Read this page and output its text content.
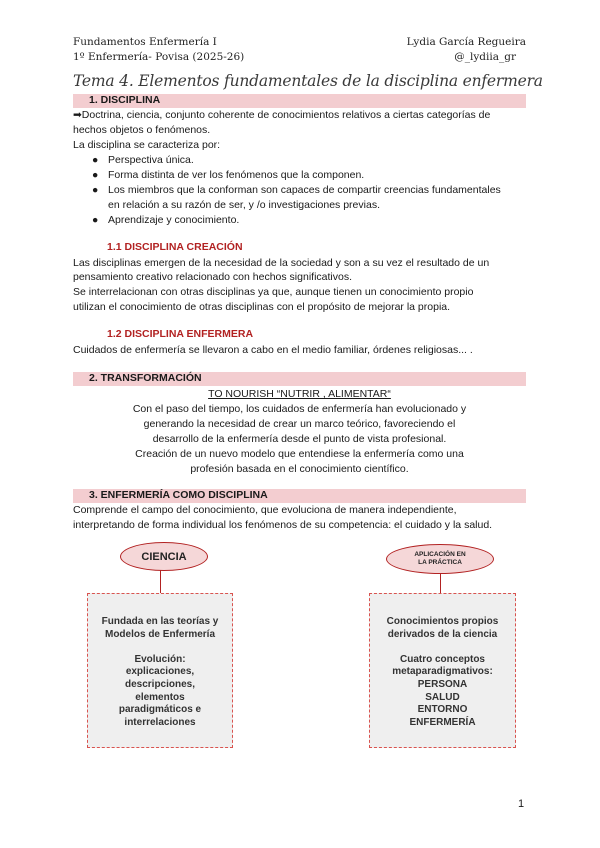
Fundamentos Enfermería I
1º Enfermería- Povisa (2025-26)
Lydia García Regueira
@_lydiia_gr
Tema 4. Elementos fundamentales de la disciplina enfermera
1. DISCIPLINA
➡Doctrina, ciencia, conjunto coherente de conocimientos relativos a ciertas categorías de
hechos objetos o fenómenos.
La disciplina se caracteriza por:
● Perspectiva única.
● Forma distinta de ver los fenómenos que la componen.
● Los miembros que la conforman son capaces de compartir creencias fundamentales
en relación a su razón de ser, y /o investigaciones previas.
● Aprendizaje y conocimiento.
1.1 DISCIPLINA CREACIÓN
Las disciplinas emergen de la necesidad de la sociedad y son a su vez el resultado de un
pensamiento creativo relacionado con hechos significativos.
Se interrelacionan con otras disciplinas ya que, aunque tienen un conocimiento propio
utilizan el conocimiento de otras disciplinas con el propósito de mejorar la propia.
1.2 DISCIPLINA ENFERMERA
Cuidados de enfermería se llevaron a cabo en el medio familiar, órdenes religiosas... .
2. TRANSFORMACIÓN
TO NOURISH “NUTRIR , ALIMENTAR“
Con el paso del tiempo, los cuidados de enfermería han evolucionado y
generando la necesidad de crear un marco teórico, favoreciendo el
desarrollo de la enfermería desde el punto de vista profesional.
Creación de un nuevo modelo que entendiese la enfermería como una
profesión basada en el conocimiento científico.
3. ENFERMERÍA COMO DISCIPLINA
Comprende el campo del conocimiento, que evoluciona de manera independiente,
interpretando de forma individual los fenómenos de su competencia: el cuidado y la salud.
CIENCIA	APLICACIÓN EN
LA PRÁCTICA
Fundada en las teorías y
Modelos de Enfermería
Evolución:
explicaciones,
descripciones,
elementos
paradigmáticos e
interrelaciones
Conocimientos propios
derivados de la ciencia
Cuatro conceptos
metaparadigmativos:
PERSONA
SALUD
ENTORNO
ENFERMERÍA
1
